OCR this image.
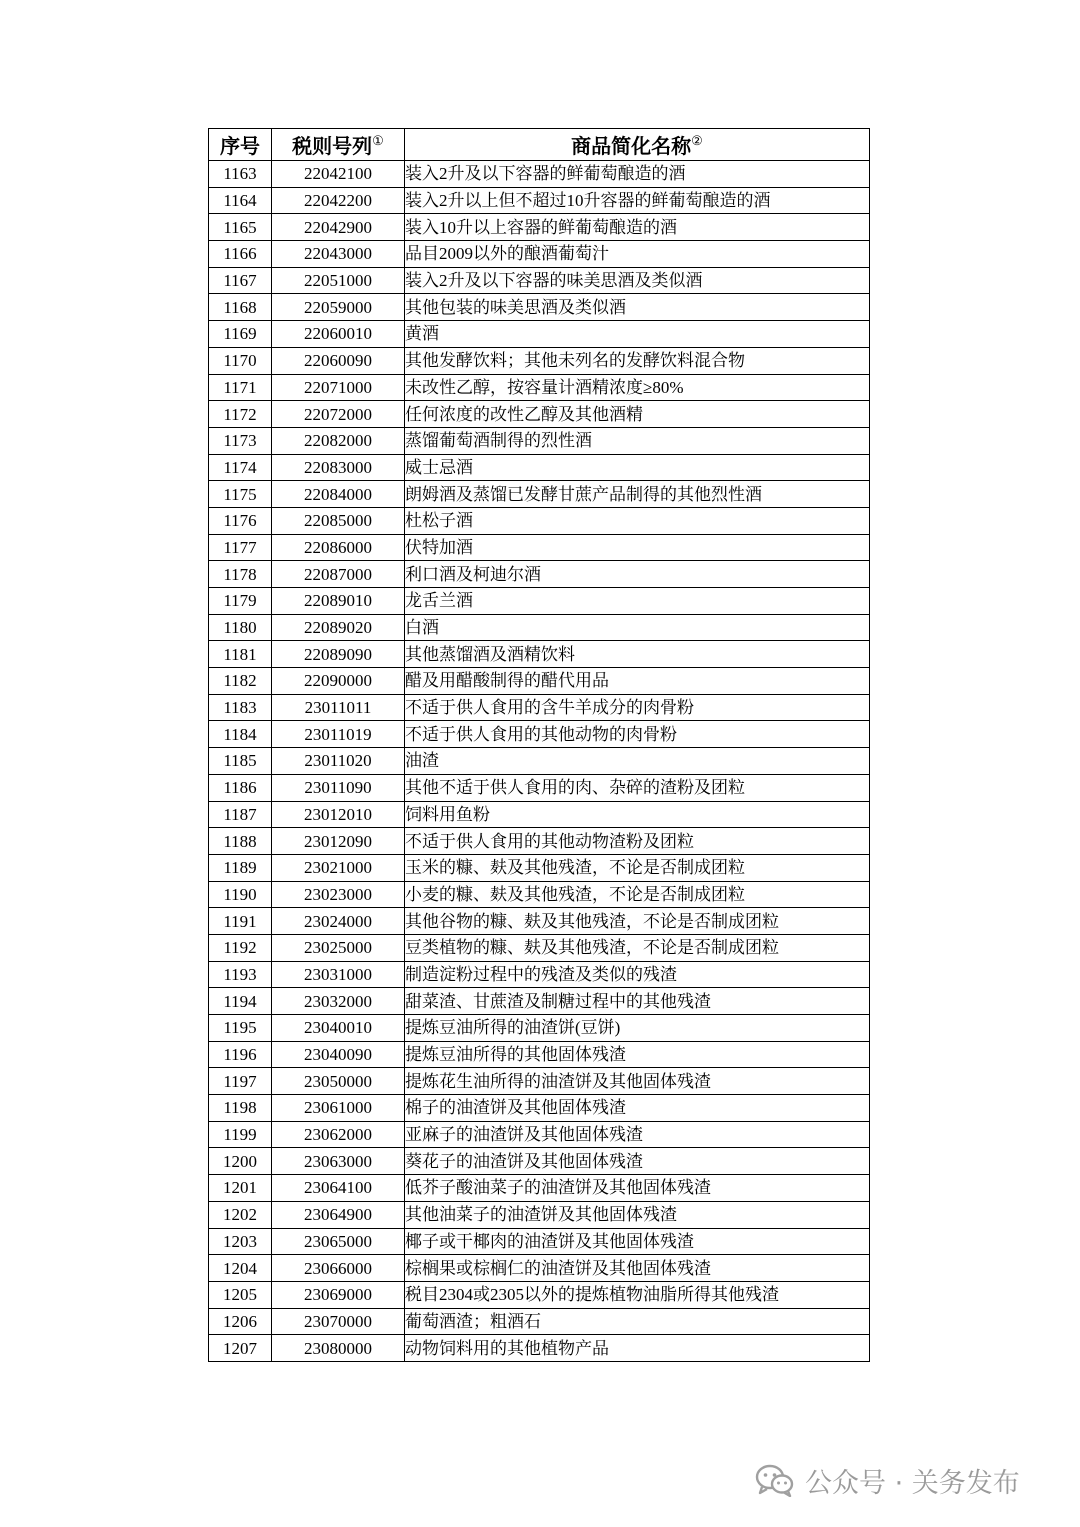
序号	税则号列①	商品简化名称②
1163	22042100	装入2升及以下容器的鲜葡萄酿造的酒
1164	22042200	装入2升以上但不超过10升容器的鲜葡萄酿造的酒
1165	22042900	装入10升以上容器的鲜葡萄酿造的酒
1166	22043000	品目2009以外的酿酒葡萄汁
1167	22051000	装入2升及以下容器的味美思酒及类似酒
1168	22059000	其他包装的味美思酒及类似酒
1169	22060010	黄酒
1170	22060090	其他发酵饮料；其他未列名的发酵饮料混合物
1171	22071000	未改性乙醇，按容量计酒精浓度≥80%
1172	22072000	任何浓度的改性乙醇及其他酒精
1173	22082000	蒸馏葡萄酒制得的烈性酒
1174	22083000	威士忌酒
1175	22084000	朗姆酒及蒸馏已发酵甘蔗产品制得的其他烈性酒
1176	22085000	杜松子酒
1177	22086000	伏特加酒
1178	22087000	利口酒及柯迪尔酒
1179	22089010	龙舌兰酒
1180	22089020	白酒
1181	22089090	其他蒸馏酒及酒精饮料
1182	22090000	醋及用醋酸制得的醋代用品
1183	23011011	不适于供人食用的含牛羊成分的肉骨粉
1184	23011019	不适于供人食用的其他动物的肉骨粉
1185	23011020	油渣
1186	23011090	其他不适于供人食用的肉、杂碎的渣粉及团粒
1187	23012010	饲料用鱼粉
1188	23012090	不适于供人食用的其他动物渣粉及团粒
1189	23021000	玉米的糠、麸及其他残渣，不论是否制成团粒
1190	23023000	小麦的糠、麸及其他残渣，不论是否制成团粒
1191	23024000	其他谷物的糠、麸及其他残渣，不论是否制成团粒
1192	23025000	豆类植物的糠、麸及其他残渣，不论是否制成团粒
1193	23031000	制造淀粉过程中的残渣及类似的残渣
1194	23032000	甜菜渣、甘蔗渣及制糖过程中的其他残渣
1195	23040010	提炼豆油所得的油渣饼(豆饼)
1196	23040090	提炼豆油所得的其他固体残渣
1197	23050000	提炼花生油所得的油渣饼及其他固体残渣
1198	23061000	棉子的油渣饼及其他固体残渣
1199	23062000	亚麻子的油渣饼及其他固体残渣
1200	23063000	葵花子的油渣饼及其他固体残渣
1201	23064100	低芥子酸油菜子的油渣饼及其他固体残渣
1202	23064900	其他油菜子的油渣饼及其他固体残渣
1203	23065000	椰子或干椰肉的油渣饼及其他固体残渣
1204	23066000	棕榈果或棕榈仁的油渣饼及其他固体残渣
1205	23069000	税目2304或2305以外的提炼植物油脂所得其他残渣
1206	23070000	葡萄酒渣；粗酒石
1207	23080000	动物饲料用的其他植物产品
公众号 · 关务发布
